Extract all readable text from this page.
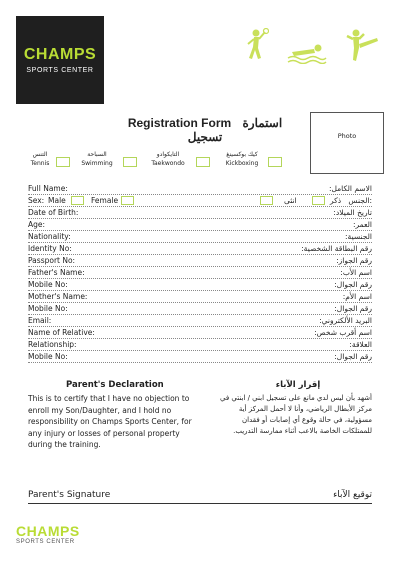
CHAMPS
SPORTS CENTER
Registration Form استمارة تسجيل	Photo
التنس
Tennis
السباحة
Swimming
التايكوادو
Taekwondo
كيك بوكسينغ
Kickboxing
Full Name:	الاسم الكامل:
Sex: Male	Female	انثى	ذكر الجنس:
Date of Birth:	تاريخ الميلاد:
Age:	العمر:
Nationality:	الجنسية:
Identity No:	رقم البطاقة الشخصية:
Passport No:	رقم الجواز:
Father's Name:	اسم الأب:
Mobile No:	رقم الجوال:
Mother's Name:	اسم الأم:
Mobile No:	رقم الجوال:
Email:	البريد الألكتروني:
Name of Relative:	اسم أقرب شخص:
Relationship:	العلاقة:
Mobile No:	رقم الجوال:
Parent's Declaration	إقرار الآباء
This is to certify that I have no objection to enroll my Son/Daughter, and I hold no responsibility on Champs Sports Center, for any injury or losses of personal property during the training.
أشهد بأن ليس لدي مانع على تسجيل ابني / ابنتي في مركز الأبطال الرياضي، وأنا لا أحمل المركز أية مسؤولية، في حالة وقوع أي إصابات أو فقدان للممتلكات الخاصة بالاعب أثناء ممارسة التدريب.
Parent's Signature	توقيع الآباء
CHAMPS
SPORTS CENTER
